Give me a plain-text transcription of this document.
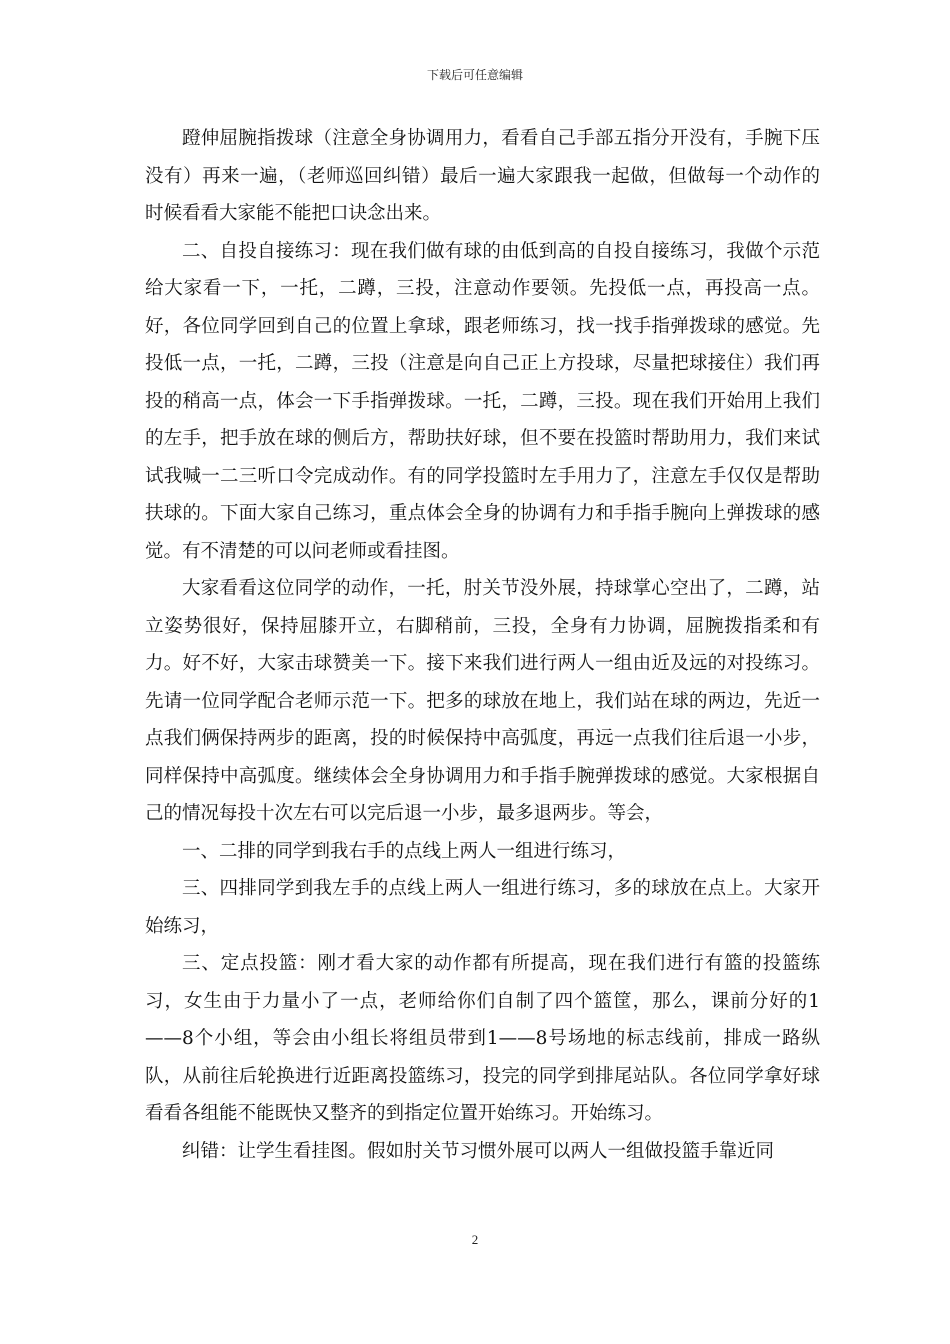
下载后可任意编辑

蹬伸屈腕指拨球（注意全身协调用力，看看自己手部五指分开没有，手腕下压没有）再来一遍，（老师巡回纠错）最后一遍大家跟我一起做，但做每一个动作的时候看看大家能不能把口诀念出来。

二、自投自接练习：现在我们做有球的由低到高的自投自接练习，我做个示范给大家看一下，一托，二蹲，三投，注意动作要领。先投低一点，再投高一点。好，各位同学回到自己的位置上拿球，跟老师练习，找一找手指弹拨球的感觉。先投低一点，一托，二蹲，三投（注意是向自己正上方投球，尽量把球接住）我们再投的稍高一点，体会一下手指弹拨球。一托，二蹲，三投。现在我们开始用上我们的左手，把手放在球的侧后方，帮助扶好球，但不要在投篮时帮助用力，我们来试试我喊一二三听口令完成动作。有的同学投篮时左手用力了，注意左手仅仅是帮助扶球的。下面大家自己练习，重点体会全身的协调有力和手指手腕向上弹拨球的感觉。有不清楚的可以问老师或看挂图。

大家看看这位同学的动作，一托，肘关节没外展，持球掌心空出了，二蹲，站立姿势很好，保持屈膝开立，右脚稍前，三投，全身有力协调，屈腕拨指柔和有力。好不好，大家击球赞美一下。接下来我们进行两人一组由近及远的对投练习。先请一位同学配合老师示范一下。把多的球放在地上，我们站在球的两边，先近一点我们俩保持两步的距离，投的时候保持中高弧度，再远一点我们往后退一小步，同样保持中高弧度。继续体会全身协调用力和手指手腕弹拨球的感觉。大家根据自己的情况每投十次左右可以完后退一小步，最多退两步。等会，

一、二排的同学到我右手的点线上两人一组进行练习，

三、四排同学到我左手的点线上两人一组进行练习，多的球放在点上。大家开始练习，

三、定点投篮：刚才看大家的动作都有所提高，现在我们进行有篮的投篮练习，女生由于力量小了一点，老师给你们自制了四个篮筐，那么，课前分好的1——8个小组，等会由小组长将组员带到1——8号场地的标志线前，排成一路纵队，从前往后轮换进行近距离投篮练习，投完的同学到排尾站队。各位同学拿好球看看各组能不能既快又整齐的到指定位置开始练习。开始练习。

纠错：让学生看挂图。假如肘关节习惯外展可以两人一组做投篮手靠近同

2
